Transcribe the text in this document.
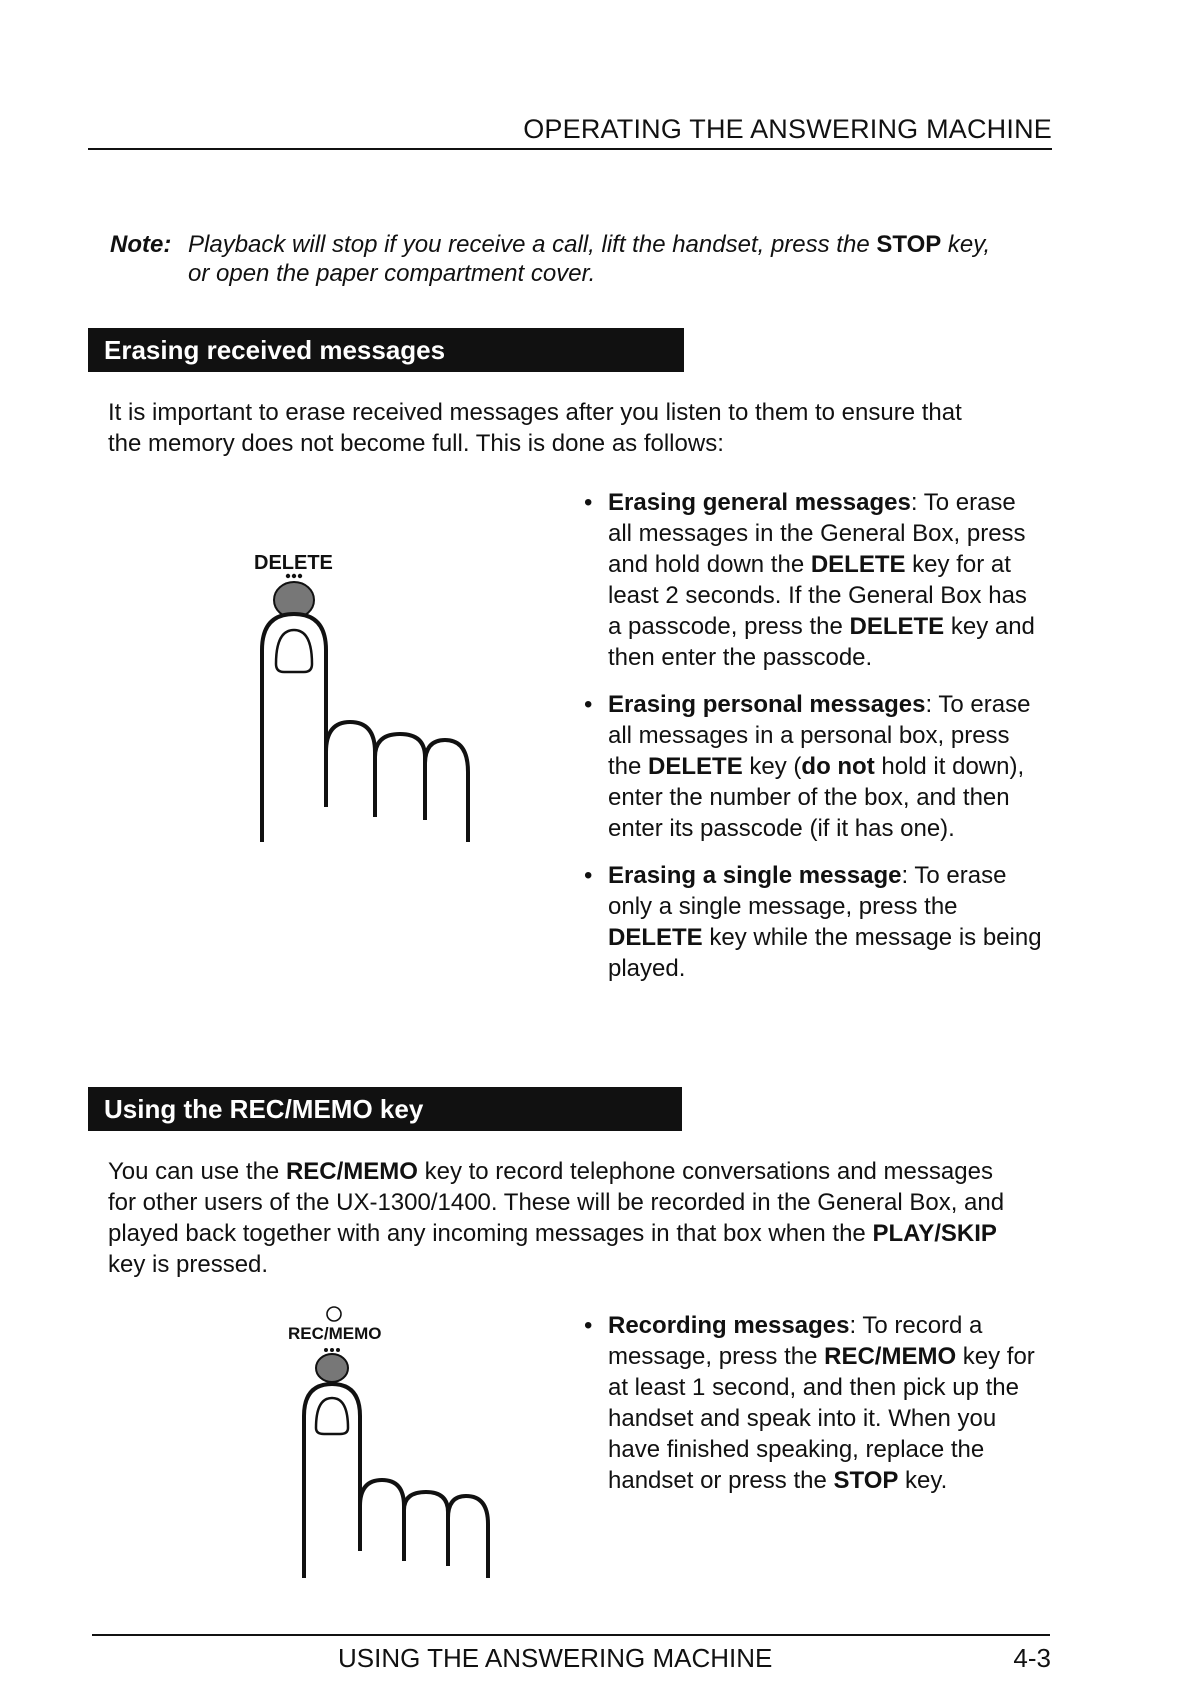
OPERATING THE ANSWERING MACHINE
Note: Playback will stop if you receive a call, lift the handset, press the STOP key,
or open the paper compartment cover.
Erasing received messages
It is important to erase received messages after you listen to them to ensure that
the memory does not become full. This is done as follows:
DELETE
• Erasing general messages: To erase all messages in the General Box, press and hold down the DELETE key for at least 2 seconds. If the General Box has a passcode, press the DELETE key and then enter the passcode.
• Erasing personal messages: To erase all messages in a personal box, press the DELETE key (do not hold it down), enter the number of the box, and then enter its passcode (if it has one).
• Erasing a single message: To erase only a single message, press the DELETE key while the message is being played.
Using the REC/MEMO key
You can use the REC/MEMO key to record telephone conversations and messages for other users of the UX-1300/1400. These will be recorded in the General Box, and played back together with any incoming messages in that box when the PLAY/SKIP key is pressed.
REC/MEMO
•	Recording messages: To record a message, press the REC/MEMO key for at least 1 second, and then pick up the handset and speak into it. When you have finished speaking, replace the handset or press the STOP key.
USING THE ANSWERING MACHINE	4-3
